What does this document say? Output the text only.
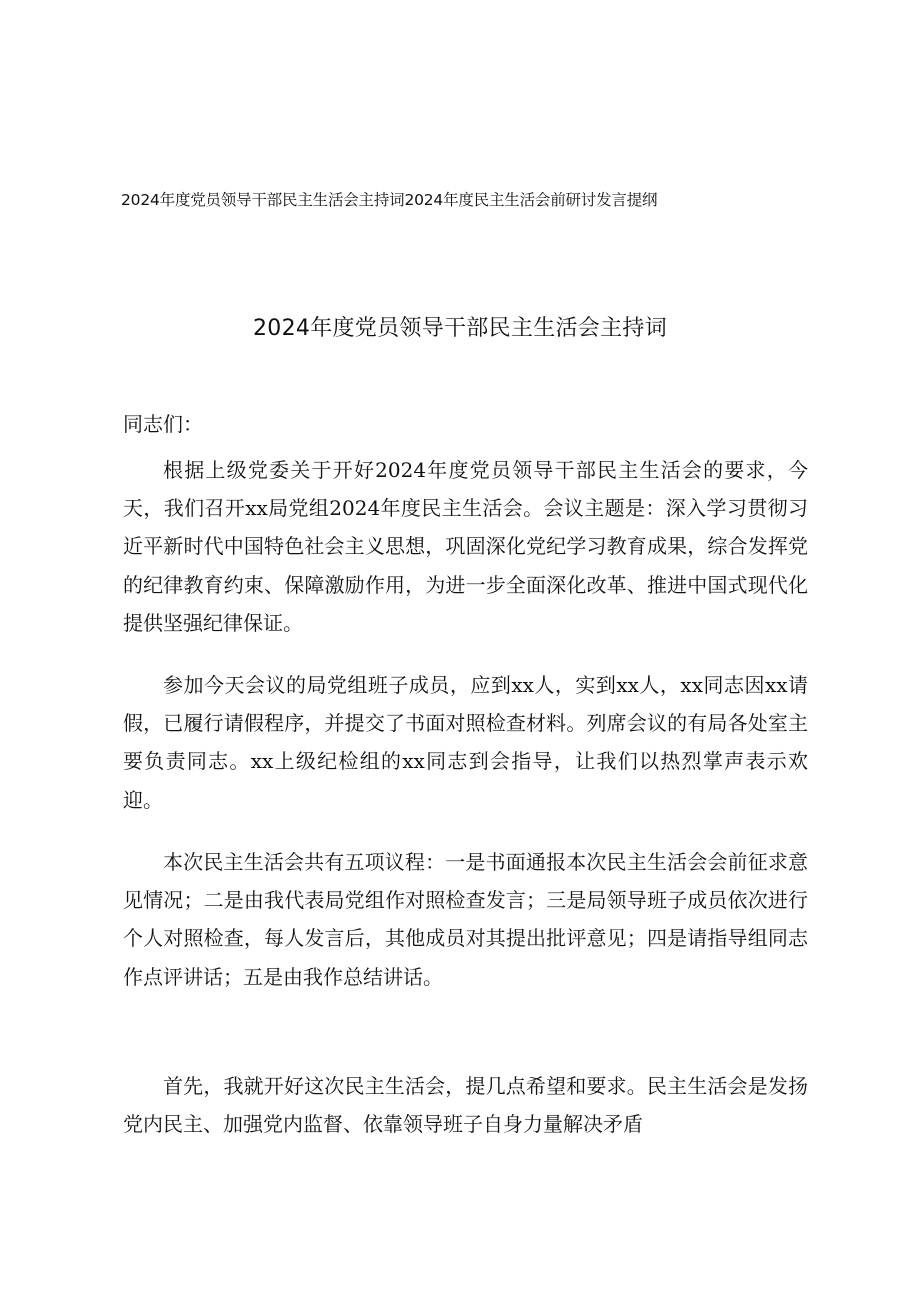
2024年度党员领导干部民主生活会主持词2024年度民主生活会前研讨发言提纲
2024年度党员领导干部民主生活会主持词

同志们：

根据上级党委关于开好2024年度党员领导干部民主生活会的要求，今天，我们召开xx局党组2024年度民主生活会。会议主题是：深入学习贯彻习近平新时代中国特色社会主义思想，巩固深化党纪学习教育成果，综合发挥党的纪律教育约束、保障激励作用，为进一步全面深化改革、推进中国式现代化提供坚强纪律保证。

参加今天会议的局党组班子成员，应到xx人，实到xx人，xx同志因xx请假，已履行请假程序，并提交了书面对照检查材料。列席会议的有局各处室主要负责同志。xx上级纪检组的xx同志到会指导，让我们以热烈掌声表示欢迎。

本次民主生活会共有五项议程：一是书面通报本次民主生活会会前征求意见情况；二是由我代表局党组作对照检查发言；三是局领导班子成员依次进行个人对照检查，每人发言后，其他成员对其提出批评意见；四是请指导组同志作点评讲话；五是由我作总结讲话。

首先，我就开好这次民主生活会，提几点希望和要求。民主生活会是发扬党内民主、加强党内监督、依靠领导班子自身力量解决矛盾
